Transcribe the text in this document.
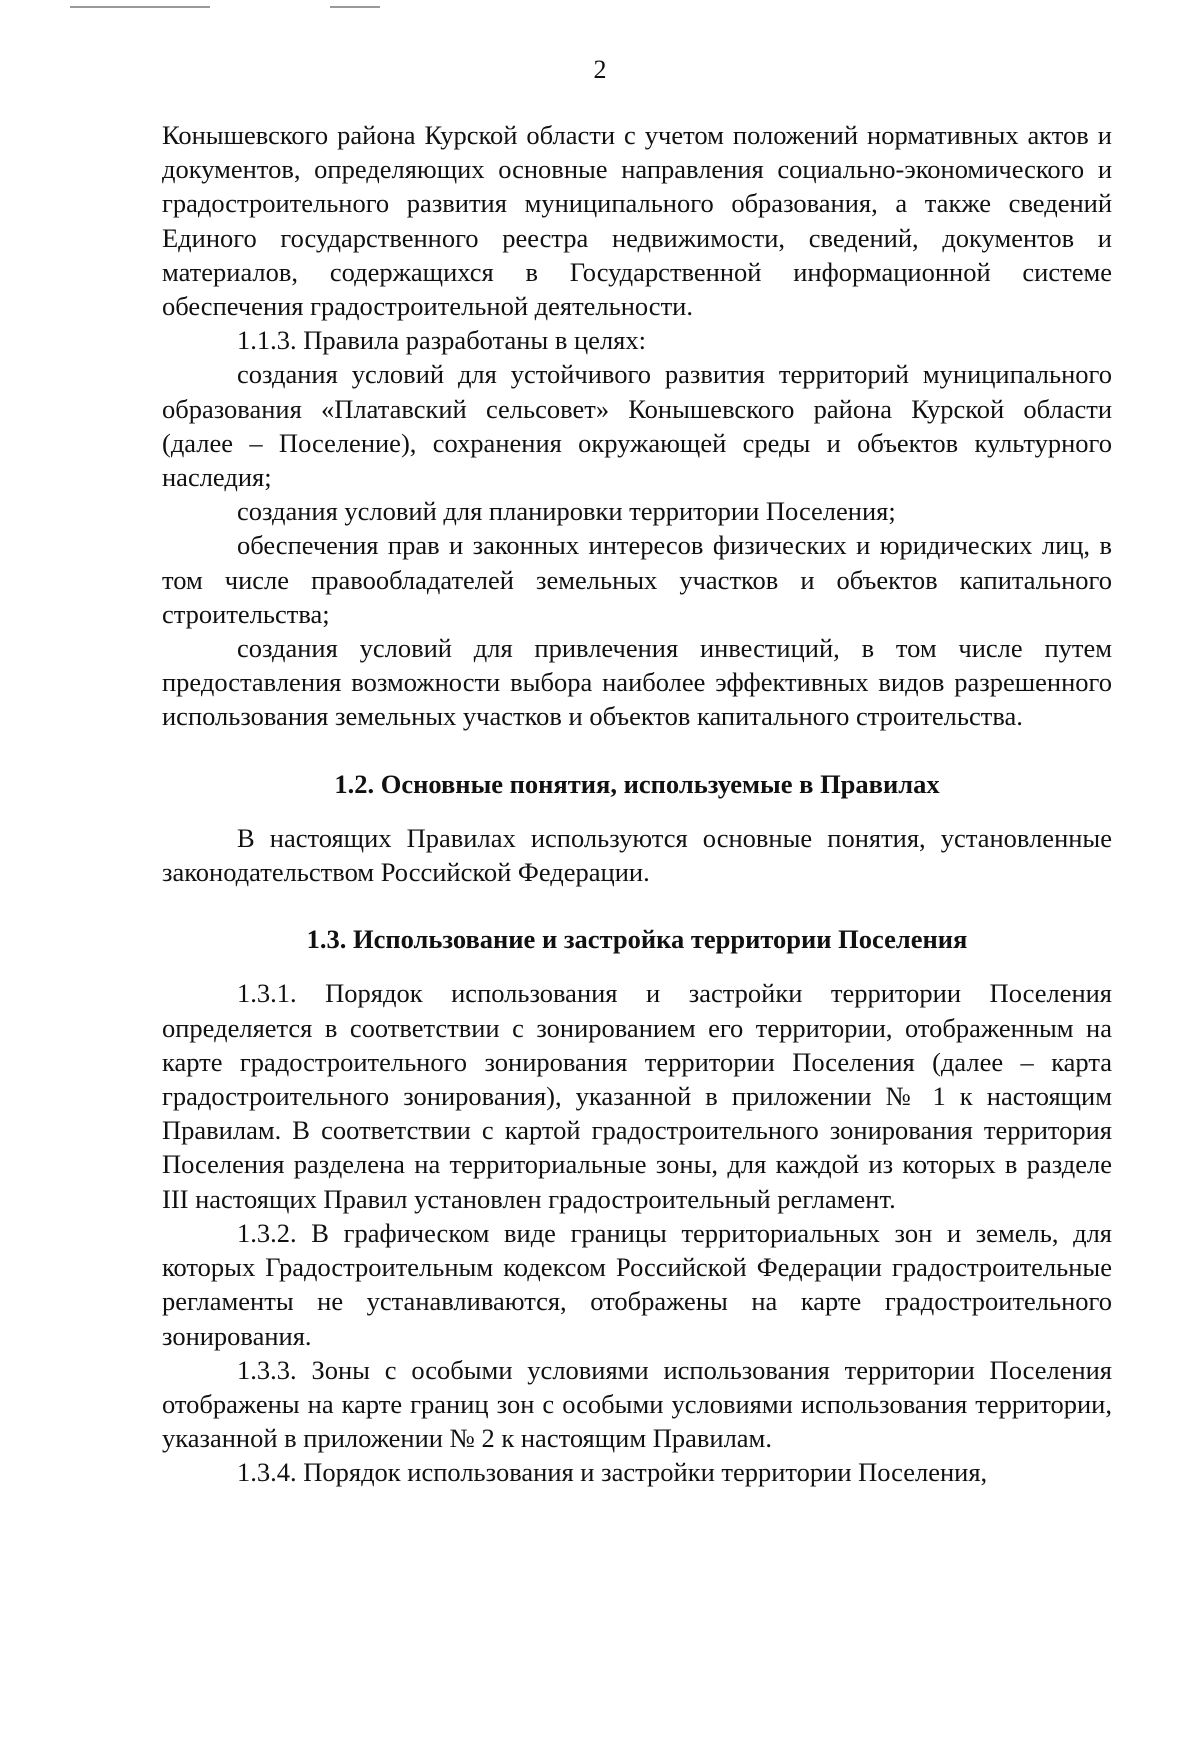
2

Конышевского района Курской области с учетом положений нормативных актов и документов, определяющих основные направления социально-экономического и градостроительного развития муниципального образования, а также сведений Единого государственного реестра недвижимости, сведений, документов и материалов, содержащихся в Государственной информационной системе обеспечения градостроительной деятельности.

1.1.3. Правила разработаны в целях:

создания условий для устойчивого развития территорий муниципального образования «Платавский сельсовет» Конышевского района Курской области (далее – Поселение), сохранения окружающей среды и объектов культурного наследия;

создания условий для планировки территории Поселения;

обеспечения прав и законных интересов физических и юридических лиц, в том числе правообладателей земельных участков и объектов капитального строительства;

создания условий для привлечения инвестиций, в том числе путем предоставления возможности выбора наиболее эффективных видов разрешенного использования земельных участков и объектов капитального строительства.

1.2. Основные понятия, используемые в Правилах

В настоящих Правилах используются основные понятия, установленные законодательством Российской Федерации.

1.3. Использование и застройка территории Поселения

1.3.1. Порядок использования и застройки территории Поселения определяется в соответствии с зонированием его территории, отображенным на карте градостроительного зонирования территории Поселения (далее – карта градостроительного зонирования), указанной в приложении № 1 к настоящим Правилам. В соответствии с картой градостроительного зонирования территория Поселения разделена на территориальные зоны, для каждой из которых в разделе III настоящих Правил установлен градостроительный регламент.

1.3.2. В графическом виде границы территориальных зон и земель, для которых Градостроительным кодексом Российской Федерации градостроительные регламенты не устанавливаются, отображены на карте градостроительного зонирования.

1.3.3. Зоны с особыми условиями использования территории Поселения отображены на карте границ зон с особыми условиями использования территории, указанной в приложении № 2 к настоящим Правилам.

1.3.4. Порядок использования и застройки территории Поселения,
